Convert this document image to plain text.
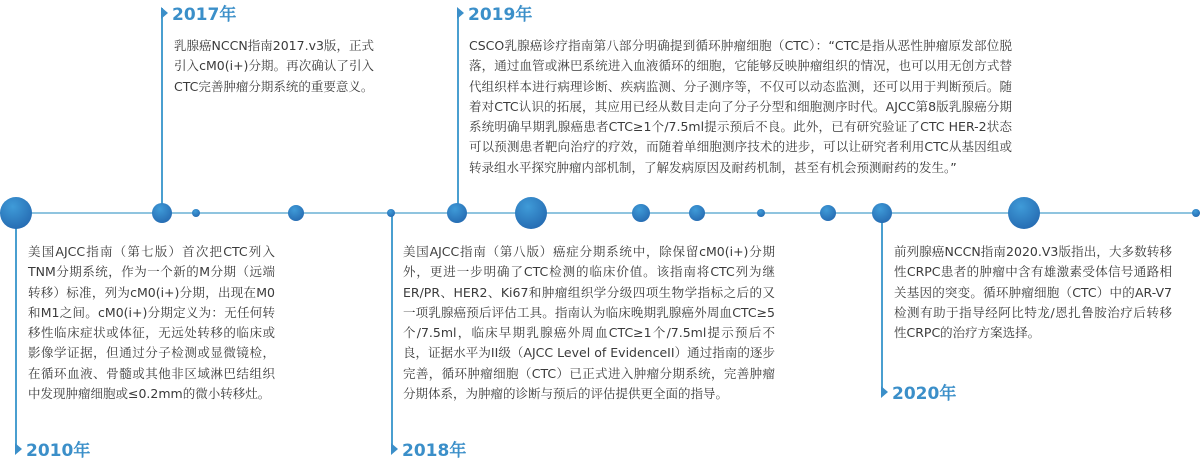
美国AJCC指南（第七版）首次把CTC列入 TNM分期系统，作为一个新的M分期（远端转移）标准，列为cM0(i+)分期，出现在M0和M1之间。cM0(i+)分期定义为：无任何转移性临床症状或体征，无远处转移的临床或影像学证据，但通过分子检测或显微镜检，在循环血液、骨髓或其他非区域淋巴结组织中发现肿瘤细胞或≤0.2mm的微小转移灶。
2010年
2017年
乳腺癌NCCN指南2017.v3版，正式引入cM0(i+)分期。再次确认了引入CTC完善肿瘤分期系统的重要意义。
美国AJCC指南（第八版）癌症分期系统中，除保留cM0(i+)分期外，更进一步明确了CTC检测的临床价值。该指南将CTC列为继ER/PR、HER2、Ki67和肿瘤组织学分级四项生物学指标之后的又一项乳腺癌预后评估工具。指南认为临床晚期乳腺癌外周血CTC≥5个/7.5ml，临床早期乳腺癌外周血CTC≥1个/7.5ml提示预后不良，证据水平为II级（AJCC Level of EvidenceII）通过指南的逐步完善，循环肿瘤细胞（CTC）已正式进入肿瘤分期系统，完善肿瘤分期体系，为肿瘤的诊断与预后的评估提供更全面的指导。
2018年
2019年
CSCO乳腺癌诊疗指南第八部分明确提到循环肿瘤细胞（CTC）：“CTC是指从恶性肿瘤原发部位脱落，通过血管或淋巴系统进入血液循环的细胞，它能够反映肿瘤组织的情况，也可以用无创方式替代组织样本进行病理诊断、疾病监测、分子测序等，不仅可以动态监测，还可以用于判断预后。随着对CTC认识的拓展，其应用已经从数目走向了分子分型和细胞测序时代。AJCC第8版乳腺癌分期系统明确早期乳腺癌患者CTC≥1个/7.5ml提示预后不良。此外，已有研究验证了CTC HER-2状态可以预测患者靶向治疗的疗效，而随着单细胞测序技术的进步，可以让研究者利用CTC从基因组或转录组水平探究肿瘤内部机制，了解发病原因及耐药机制，甚至有机会预测耐药的发生。”
前列腺癌NCCN指南2020.V3版指出，大多数转移性CRPC患者的肿瘤中含有雄激素受体信号通路相关基因的突变。循环肿瘤细胞（CTC）中的AR-V7检测有助于指导经阿比特龙/恩扎鲁胺治疗后转移性CRPC的治疗方案选择。
2020年
